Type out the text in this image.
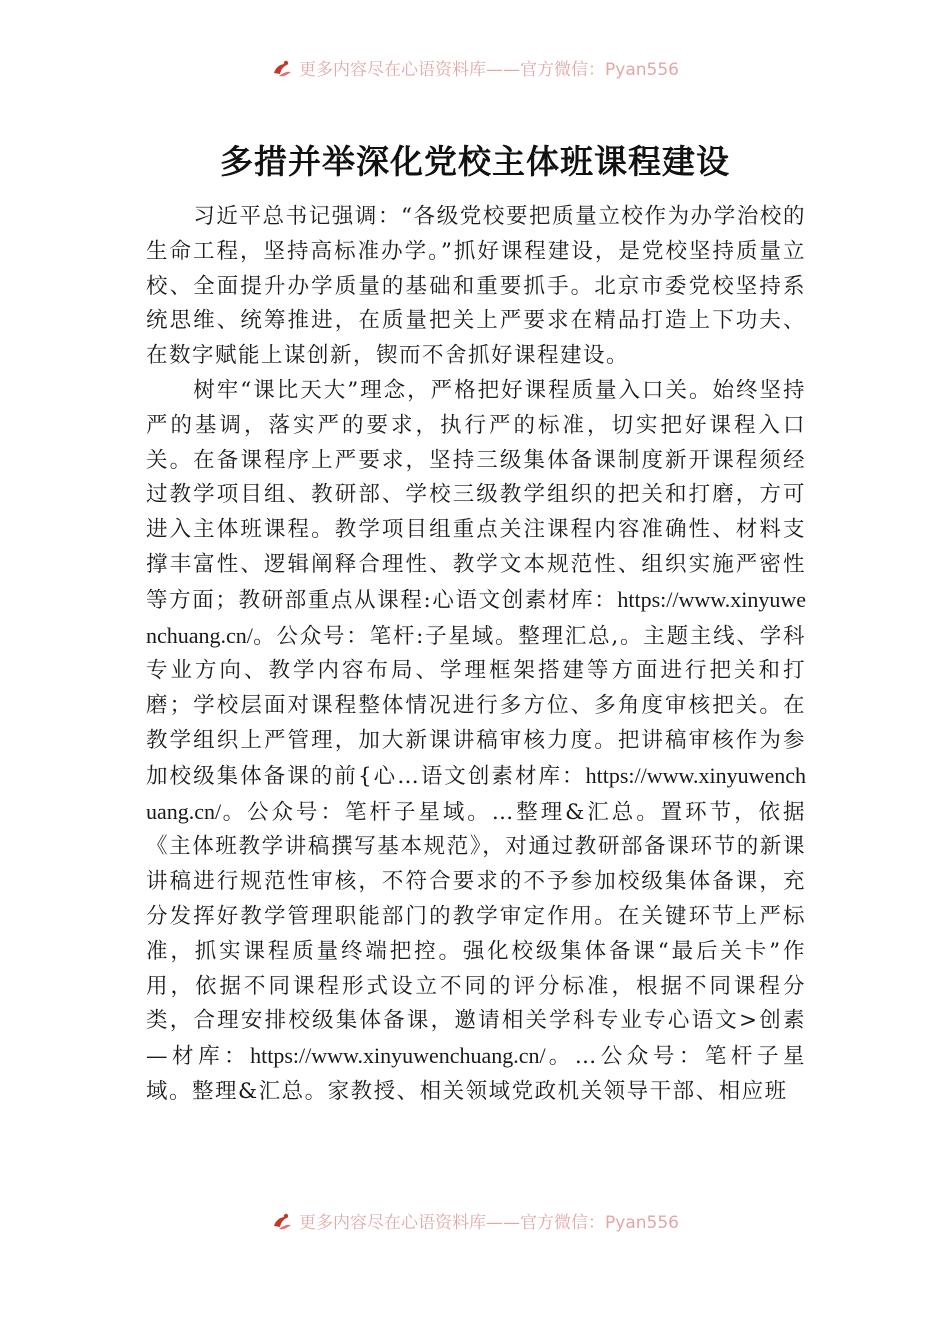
更多内容尽在心语资料库——官方微信：Pyan556
多措并举深化党校主体班课程建设

习近平总书记强调：“各级党校要把质量立校作为办学治校的生命工程，坚持高标准办学。”抓好课程建设，是党校坚持质量立校、全面提升办学质量的基础和重要抓手。北京市委党校坚持系统思维、统筹推进，在质量把关上严要求在精品打造上下功夫、在数字赋能上谋创新，锲而不舍抓好课程建设。

树牢“课比天大”理念，严格把好课程质量入口关。始终坚持严的基调，落实严的要求，执行严的标准，切实把好课程入口关。在备课程序上严要求，坚持三级集体备课制度新开课程须经过教学项目组、教研部、学校三级教学组织的把关和打磨，方可进入主体班课程。教学项目组重点关注课程内容准确性、材料支撑丰富性、逻辑阐释合理性、教学文本规范性、组织实施严密性等方面；教研部重点从课程:心语文创素材库：https://www.xinyuwenchuang.cn/。公众号：笔杆:子星域。整理汇总,。主题主线、学科专业方向、教学内容布局、学理框架搭建等方面进行把关和打磨；学校层面对课程整体情况进行多方位、多角度审核把关。在教学组织上严管理，加大新课讲稿审核力度。把讲稿审核作为参加校级集体备课的前{心…语文创素材库：https://www.xinyuwenchuang.cn/。公众号：笔杆子星域。…整理&汇总。置环节，依据《主体班教学讲稿撰写基本规范》，对通过教研部备课环节的新课讲稿进行规范性审核，不符合要求的不予参加校级集体备课，充分发挥好教学管理职能部门的教学审定作用。在关键环节上严标准，抓实课程质量终端把控。强化校级集体备课“最后关卡”作用，依据不同课程形式设立不同的评分标准，根据不同课程分类，合理安排校级集体备课，邀请相关学科专业专心语文>创素—材库：https://www.xinyuwenchuang.cn/。…公众号：笔杆子星域。整理&汇总。家教授、相关领域党政机关领导干部、相应班

更多内容尽在心语资料库——官方微信：Pyan556
